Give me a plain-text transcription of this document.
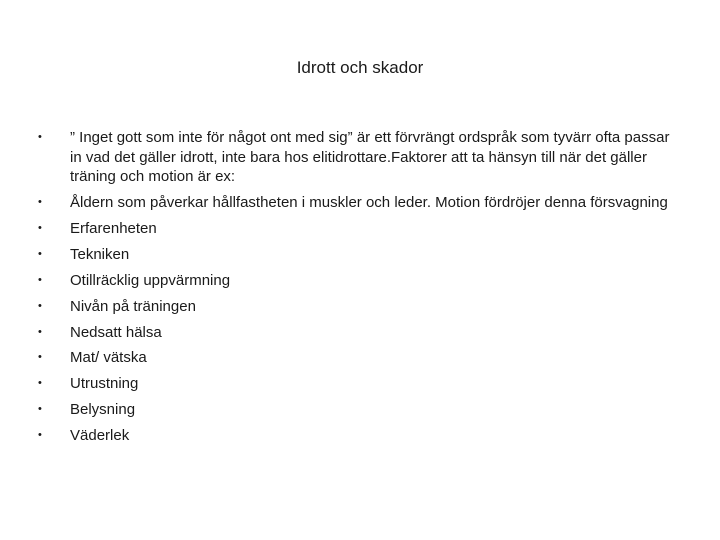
Idrott och skador
•	” Inget gott som inte för något ont med sig” är ett förvrängt ordspråk som tyvärr ofta passar in vad det gäller idrott, inte bara hos elitidrottare.Faktorer att ta hänsyn till när det gäller träning och motion är ex:
•	Åldern som påverkar hållfastheten i muskler och leder. Motion fördröjer denna försvagning
•	Erfarenheten
•	Tekniken
•	Otillräcklig uppvärmning
•	Nivån på träningen
•	Nedsatt hälsa
•	Mat/ vätska
•	Utrustning
•	Belysning
•	Väderlek
